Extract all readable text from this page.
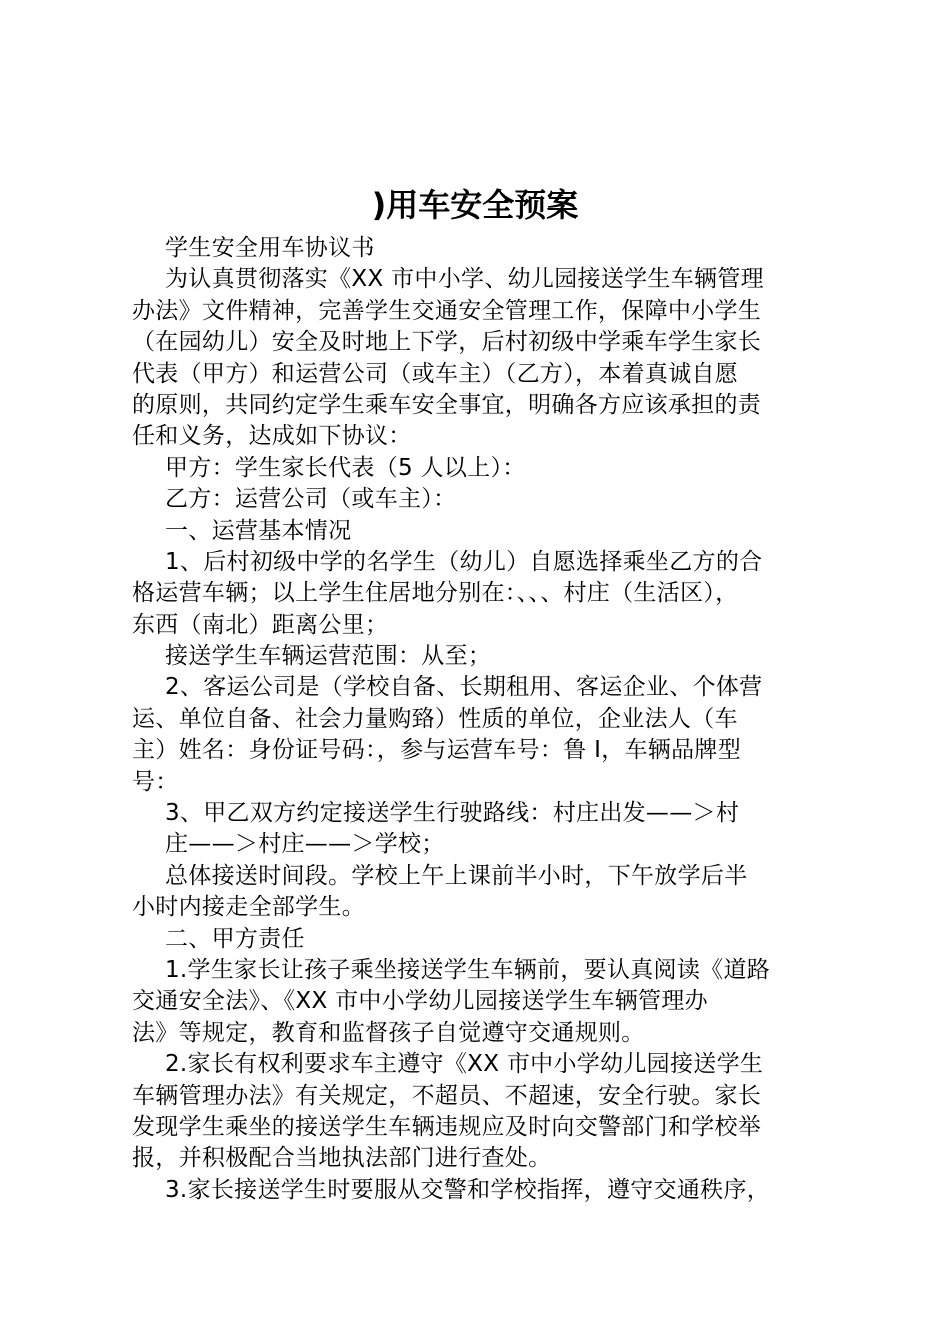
)用车安全预案
学生安全用车协议书
为认真贯彻落实《XX 市中小学、幼儿园接送学生车辆管理
办法》文件精神，完善学生交通安全管理工作，保障中小学生
（在园幼儿）安全及时地上下学，后村初级中学乘车学生家长
代表（甲方）和运营公司（或车主）（乙方），本着真诚自愿
的原则，共同约定学生乘车安全事宜，明确各方应该承担的责
任和义务，达成如下协议：
甲方：学生家长代表（5 人以上）：
乙方：运营公司（或车主）：
一、运营基本情况
1、后村初级中学的名学生（幼儿）自愿选择乘坐乙方的合
格运营车辆；以上学生住居地分别在：、、、村庄（生活区），
东西（南北）距离公里；
接送学生车辆运营范围：从至；
2、客运公司是（学校自备、长期租用、客运企业、个体营
运、单位自备、社会力量购臵）性质的单位，企业法人（车
主）姓名：身份证号码：，参与运营车号：鲁 I，车辆品牌型
号：
3、甲乙双方约定接送学生行驶路线：村庄出发——＞村
庄——＞村庄——＞学校；
总体接送时间段。学校上午上课前半小时，下午放学后半
小时内接走全部学生。
二、甲方责任
1.学生家长让孩子乘坐接送学生车辆前，要认真阅读《道路
交通安全法》、《XX 市中小学幼儿园接送学生车辆管理办
法》等规定，教育和监督孩子自觉遵守交通规则。
2.家长有权利要求车主遵守《XX 市中小学幼儿园接送学生
车辆管理办法》有关规定，不超员、不超速，安全行驶。家长
发现学生乘坐的接送学生车辆违规应及时向交警部门和学校举
报，并积极配合当地执法部门进行查处。
3.家长接送学生时要服从交警和学校指挥，遵守交通秩序，
